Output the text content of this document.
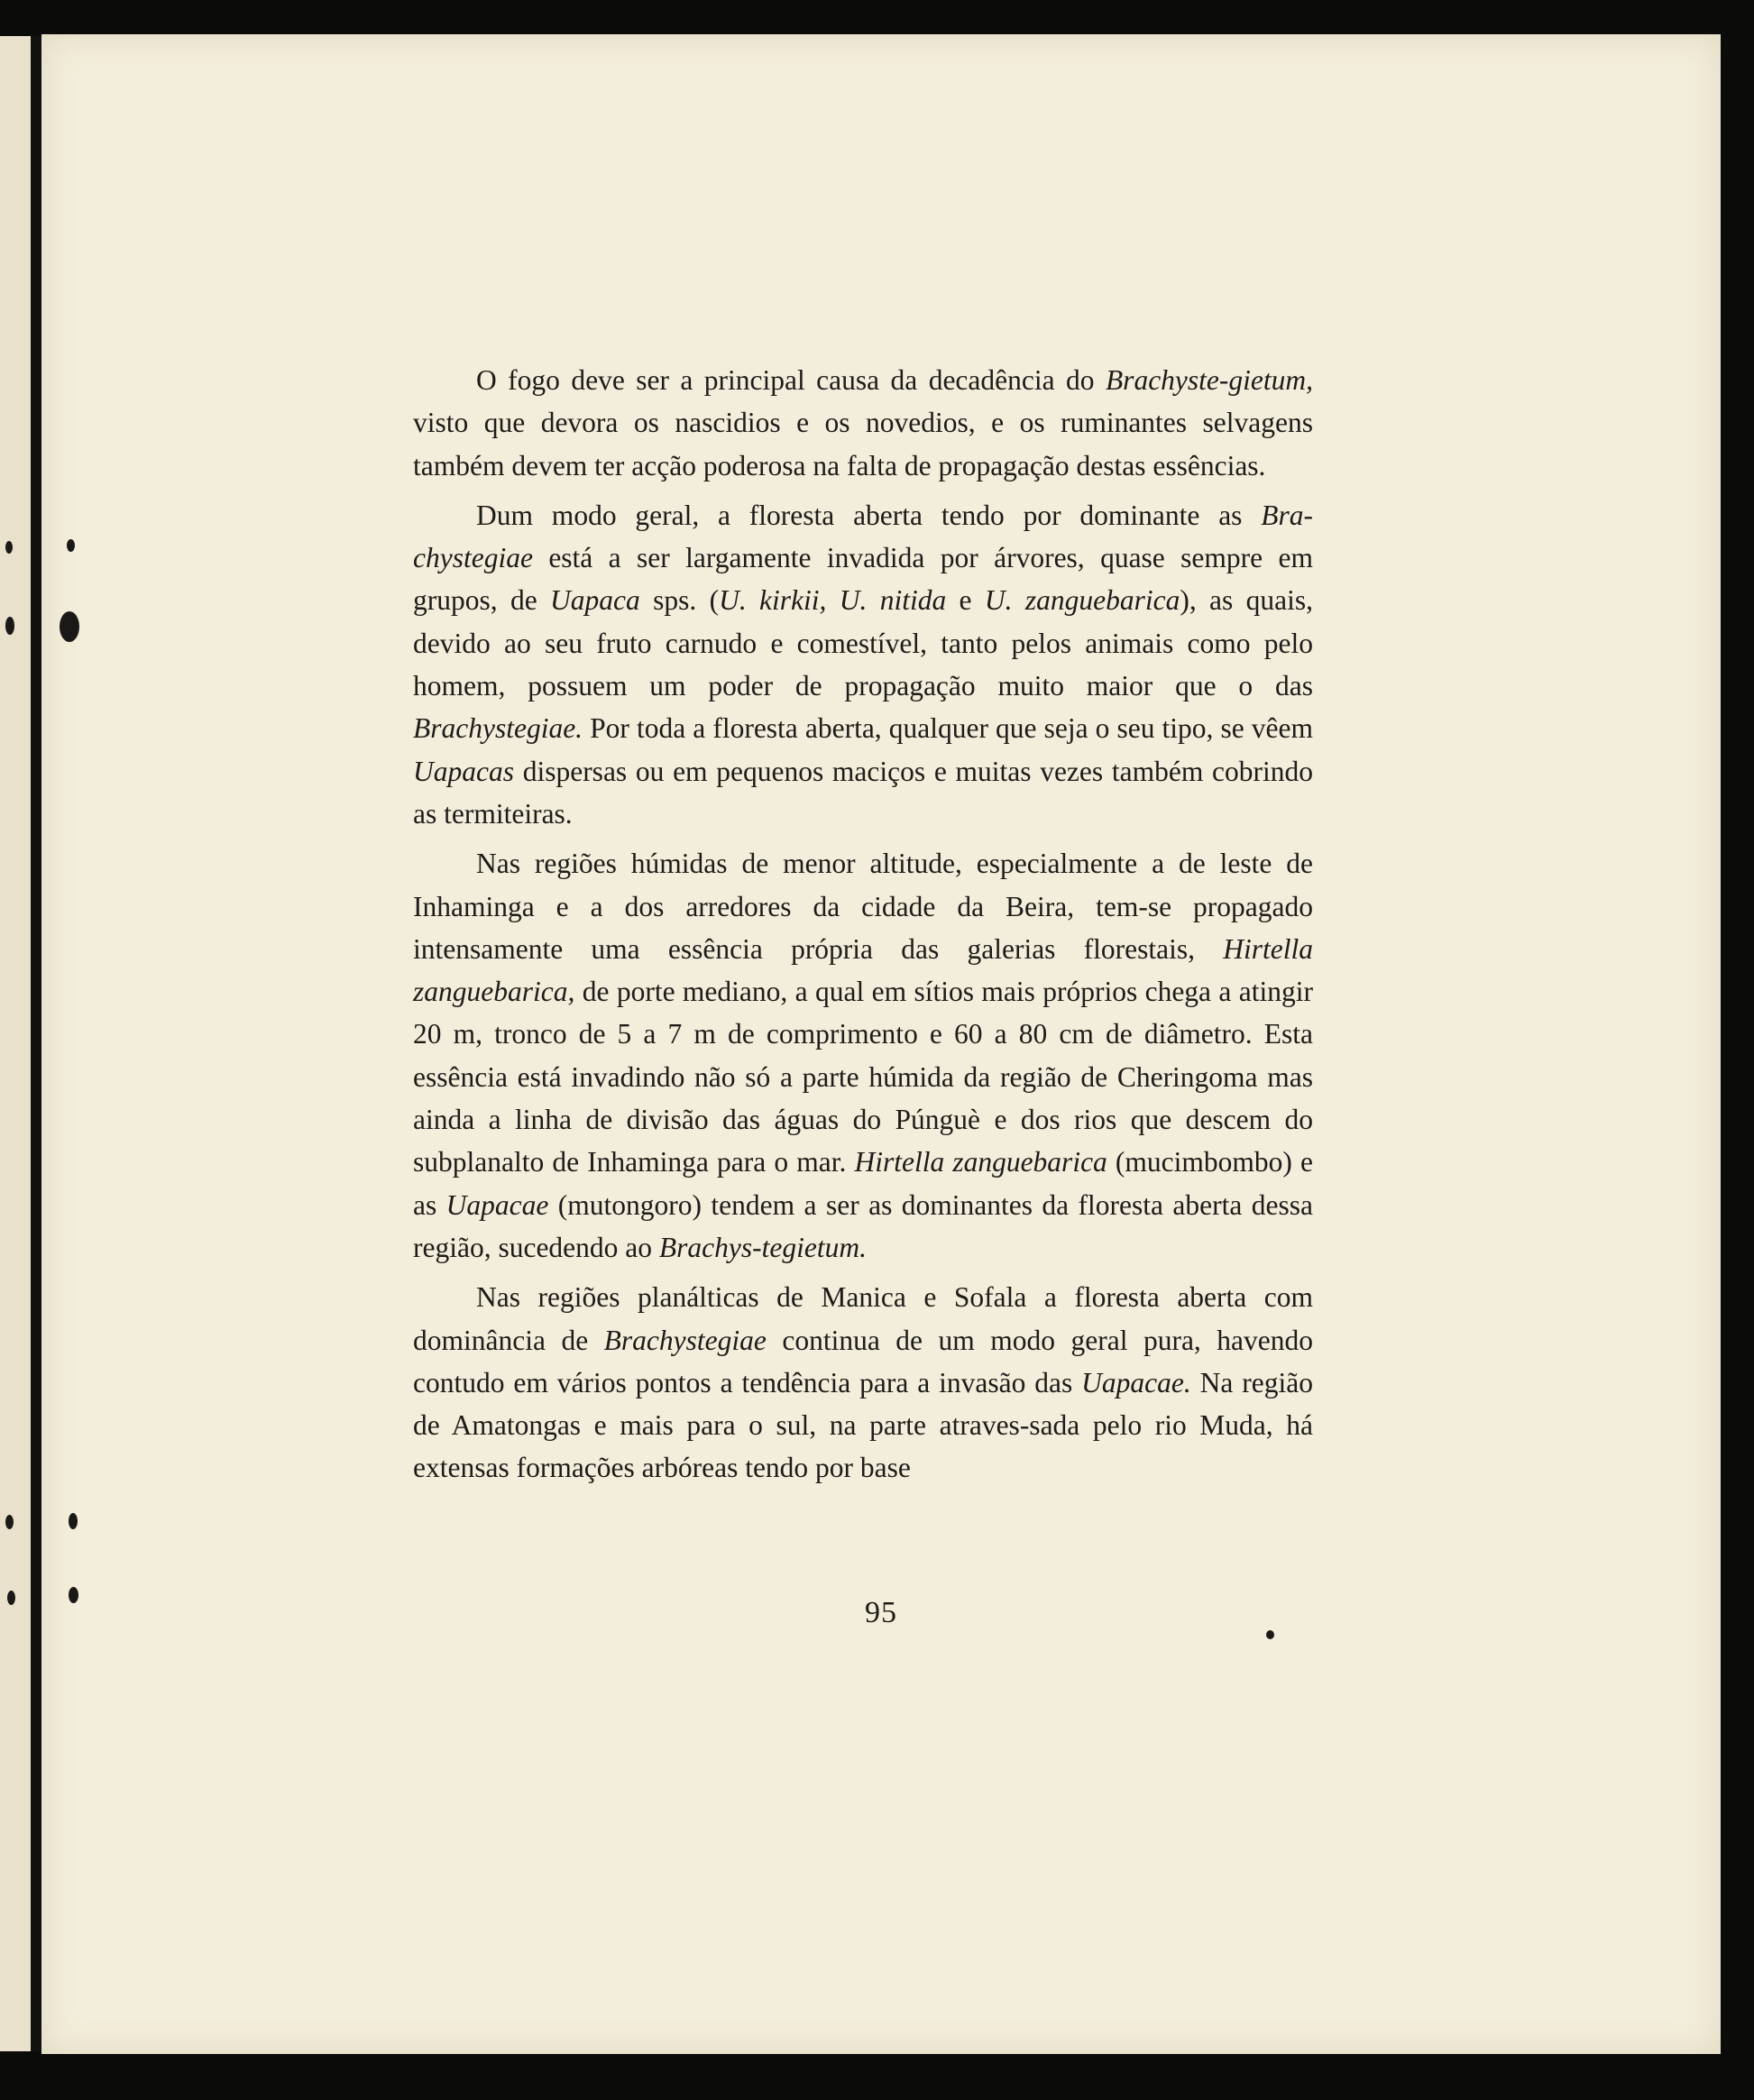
O fogo deve ser a principal causa da decadência do Brachyste-gietum, visto que devora os nascidios e os novedios, e os ruminantes selvagens também devem ter acção poderosa na falta de propagação destas essências.

Dum modo geral, a floresta aberta tendo por dominante as Bra-chystegiae está a ser largamente invadida por árvores, quase sempre em grupos, de Uapaca sps. (U. kirkii, U. nitida e U. zanguebarica), as quais, devido ao seu fruto carnudo e comestível, tanto pelos animais como pelo homem, possuem um poder de propagação muito maior que o das Brachystegiae. Por toda a floresta aberta, qualquer que seja o seu tipo, se vêem Uapacas dispersas ou em pequenos maciços e muitas vezes também cobrindo as termiteiras.

Nas regiões húmidas de menor altitude, especialmente a de leste de Inhaminga e a dos arredores da cidade da Beira, tem-se propagado intensamente uma essência própria das galerias florestais, Hirtella zanguebarica, de porte mediano, a qual em sítios mais próprios chega a atingir 20 m, tronco de 5 a 7 m de comprimento e 60 a 80 cm de diâmetro. Esta essência está invadindo não só a parte húmida da região de Cheringoma mas ainda a linha de divisão das águas do Púnguè e dos rios que descem do subplanalto de Inhaminga para o mar. Hirtella zanguebarica (mucimbombo) e as Uapacae (mutongoro) tendem a ser as dominantes da floresta aberta dessa região, sucedendo ao Brachys-tegietum.

Nas regiões planálticas de Manica e Sofala a floresta aberta com dominância de Brachystegiae continua de um modo geral pura, havendo contudo em vários pontos a tendência para a invasão das Uapacae. Na região de Amatongas e mais para o sul, na parte atraves-sada pelo rio Muda, há extensas formações arbóreas tendo por base

95
